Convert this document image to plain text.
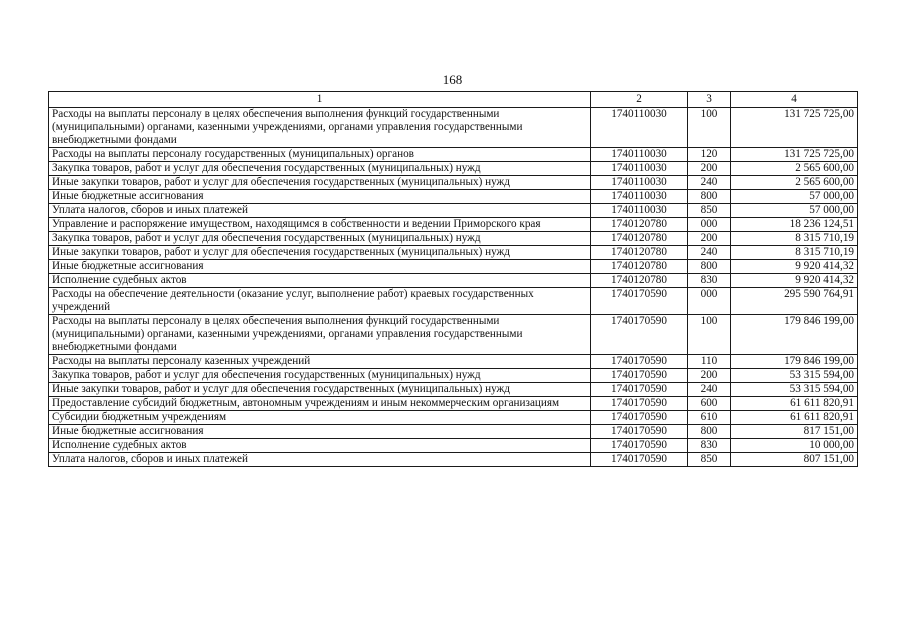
168
1	2	3	4
Расходы на выплаты персоналу в целях обеспечения выполнения функций государственными (муниципальными) органами, казенными учреждениями, органами управления государственными внебюджетными фондами	1740110030	100	131 725 725,00
Расходы на выплаты персоналу государственных (муниципальных) органов	1740110030	120	131 725 725,00
Закупка товаров, работ и услуг для обеспечения государственных (муниципальных) нужд	1740110030	200	2 565 600,00
Иные закупки товаров, работ и услуг для обеспечения государственных (муниципальных) нужд	1740110030	240	2 565 600,00
Иные бюджетные ассигнования	1740110030	800	57 000,00
Уплата налогов, сборов и иных платежей	1740110030	850	57 000,00
Управление и распоряжение имуществом, находящимся в собственности и ведении Приморского края	1740120780	000	18 236 124,51
Закупка товаров, работ и услуг для обеспечения государственных (муниципальных) нужд	1740120780	200	8 315 710,19
Иные закупки товаров, работ и услуг для обеспечения государственных (муниципальных) нужд	1740120780	240	8 315 710,19
Иные бюджетные ассигнования	1740120780	800	9 920 414,32
Исполнение судебных актов	1740120780	830	9 920 414,32
Расходы на обеспечение деятельности (оказание услуг, выполнение работ) краевых государственных учреждений	1740170590	000	295 590 764,91
Расходы на выплаты персоналу в целях обеспечения выполнения функций государственными (муниципальными) органами, казенными учреждениями, органами управления государственными внебюджетными фондами	1740170590	100	179 846 199,00
Расходы на выплаты персоналу казенных учреждений	1740170590	110	179 846 199,00
Закупка товаров, работ и услуг для обеспечения государственных (муниципальных) нужд	1740170590	200	53 315 594,00
Иные закупки товаров, работ и услуг для обеспечения государственных (муниципальных) нужд	1740170590	240	53 315 594,00
Предоставление субсидий бюджетным, автономным учреждениям и иным некоммерческим организациям	1740170590	600	61 611 820,91
Субсидии бюджетным учреждениям	1740170590	610	61 611 820,91
Иные бюджетные ассигнования	1740170590	800	817 151,00
Исполнение судебных актов	1740170590	830	10 000,00
Уплата налогов, сборов и иных платежей	1740170590	850	807 151,00
